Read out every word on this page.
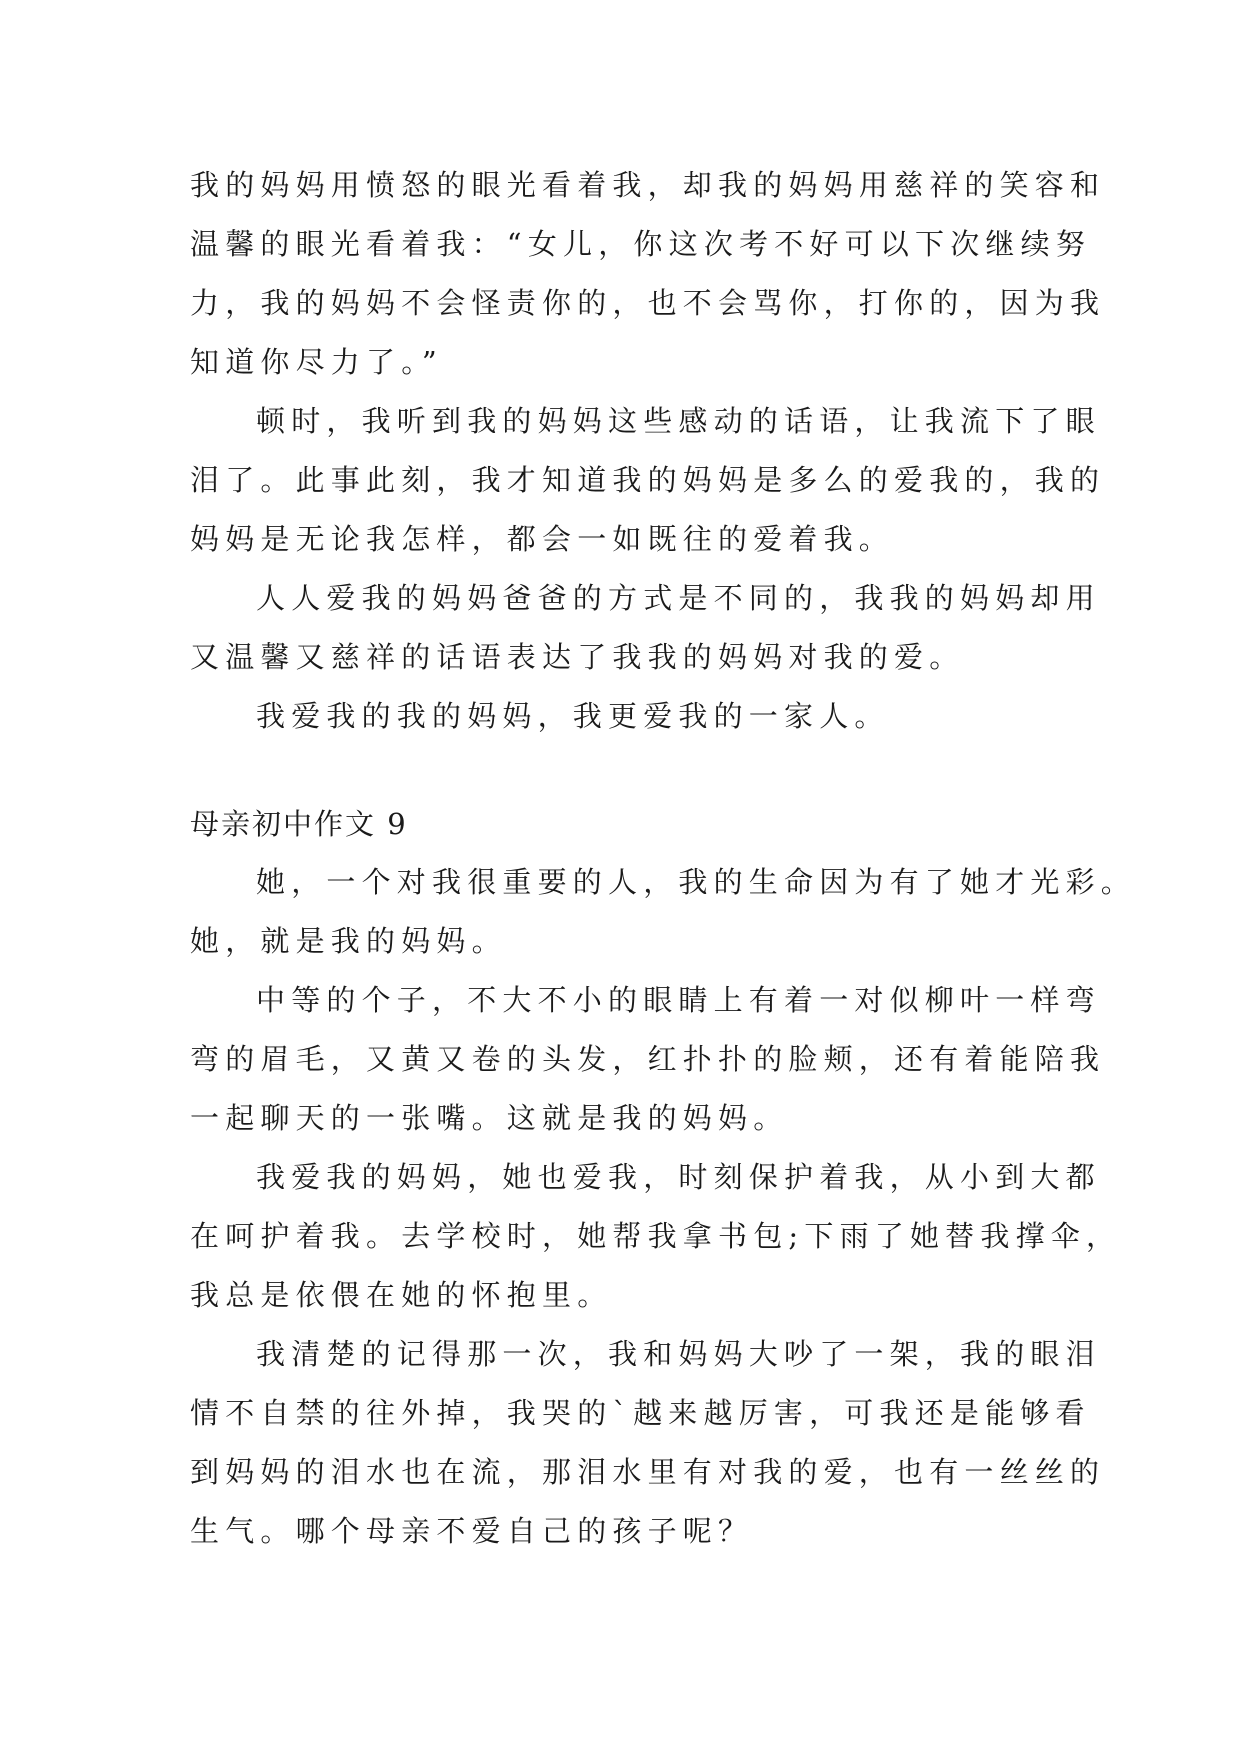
我的妈妈用愤怒的眼光看着我，却我的妈妈用慈祥的笑容和
温馨的眼光看着我：“女儿，你这次考不好可以下次继续努
力，我的妈妈不会怪责你的，也不会骂你，打你的，因为我
知道你尽力了。”
顿时，我听到我的妈妈这些感动的话语，让我流下了眼
泪了。此事此刻，我才知道我的妈妈是多么的爱我的，我的
妈妈是无论我怎样，都会一如既往的爱着我。
人人爱我的妈妈爸爸的方式是不同的，我我的妈妈却用
又温馨又慈祥的话语表达了我我的妈妈对我的爱。
我爱我的我的妈妈，我更爱我的一家人。
母亲初中作文 9
她，一个对我很重要的人，我的生命因为有了她才光彩。
她，就是我的妈妈。
中等的个子，不大不小的眼睛上有着一对似柳叶一样弯
弯的眉毛，又黄又卷的头发，红扑扑的脸颊，还有着能陪我
一起聊天的一张嘴。这就是我的妈妈。
我爱我的妈妈，她也爱我，时刻保护着我，从小到大都
在呵护着我。去学校时，她帮我拿书包;下雨了她替我撑伞，
我总是依偎在她的怀抱里。
我清楚的记得那一次，我和妈妈大吵了一架，我的眼泪
情不自禁的往外掉，我哭的`越来越厉害，可我还是能够看
到妈妈的泪水也在流，那泪水里有对我的爱，也有一丝丝的
生气。哪个母亲不爱自己的孩子呢？
